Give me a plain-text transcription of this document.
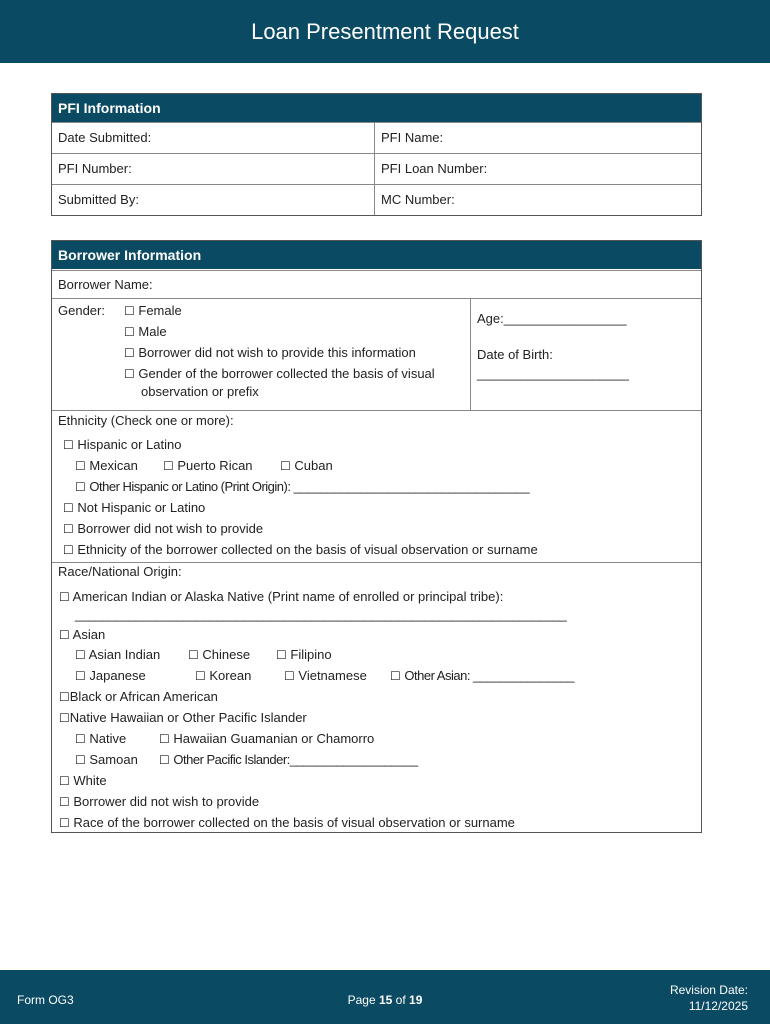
Loan Presentment Request
PFI Information
Date Submitted:	PFI Name:
PFI Number:	PFI Loan Number:
Submitted By:	MC Number:
Borrower Information
Borrower Name:
Gender: ☐ Female
☐ Male
☐ Borrower did not wish to provide this information
☐ Gender of the borrower collected the basis of visual
observation or prefix
Age:_________________
Date of Birth:
_____________________
Ethnicity (Check one or more):
☐ Hispanic or Latino
☐ Mexican ☐ Puerto Rican ☐ Cuban
☐ Other Hispanic or Latino (Print Origin): ___________________________________
☐ Not Hispanic or Latino
☐ Borrower did not wish to provide
☐ Ethnicity of the borrower collected on the basis of visual observation or surname
Race/National Origin:
☐ American Indian or Alaska Native (Print name of enrolled or principal tribe):
_________________________________________________________________________
☐ Asian
☐ Asian Indian ☐ Chinese ☐ Filipino
☐ Japanese	☐ Korean	☐ Vietnamese ☐ Other Asian: _______________
☐Black or African American
☐Native Hawaiian or Other Pacific Islander
☐ Native	☐ Hawaiian Guamanian or Chamorro
☐ Samoan ☐ Other Pacific Islander:___________________
☐ White
☐ Borrower did not wish to provide
☐ Race of the borrower collected on the basis of visual observation or surname
Form OG3	Page 15 of 19
Revision Date:
11/12/2025
